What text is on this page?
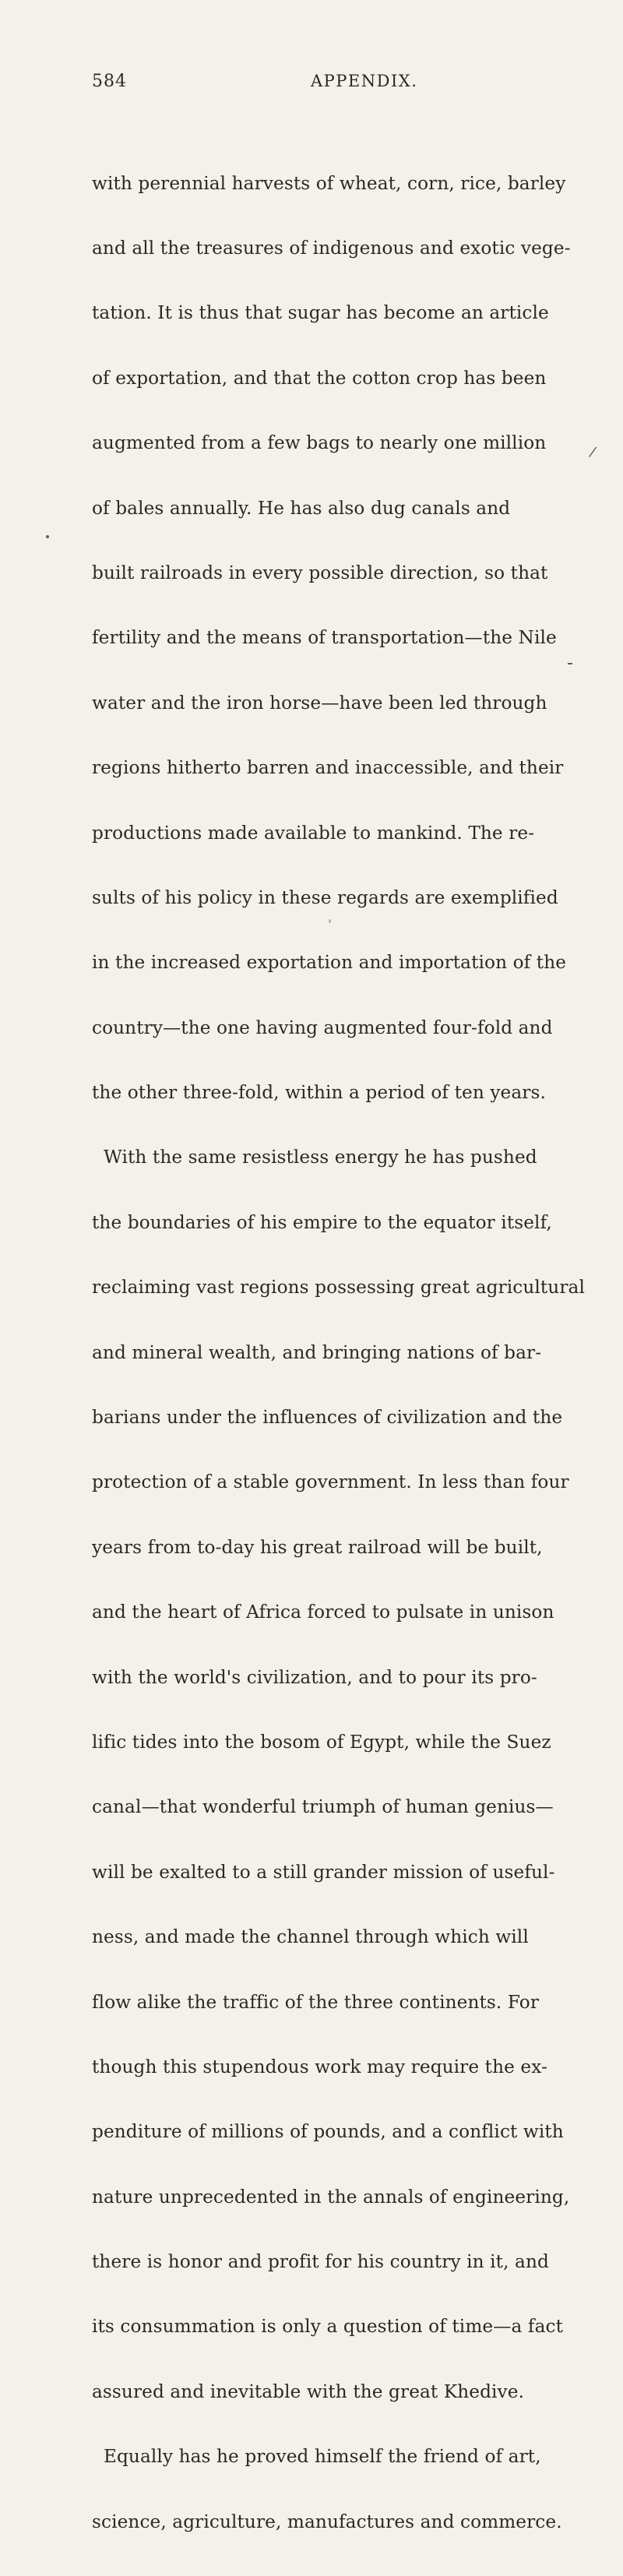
584	APPENDIX.

with perennial harvests of wheat, corn, rice, barley

and all the treasures of indigenous and exotic vege-

tation. It is thus that sugar has become an article

of exportation, and that the cotton crop has been

augmented from a few bags to nearly one million

of bales annually. He has also dug canals and

built railroads in every possible direction, so that

fertility and the means of transportation—the Nile

water and the iron horse—have been led through

regions hitherto barren and inaccessible, and their

productions made available to mankind. The re-

sults of his policy in these regards are exemplified

in the increased exportation and importation of the

country—the one having augmented four-fold and

the other three-fold, within a period of ten years.

With the same resistless energy he has pushed

the boundaries of his empire to the equator itself,

reclaiming vast regions possessing great agricultural

and mineral wealth, and bringing nations of bar-

barians under the influences of civilization and the

protection of a stable government. In less than four

years from to-day his great railroad will be built,

and the heart of Africa forced to pulsate in unison

with the world's civilization, and to pour its pro-

lific tides into the bosom of Egypt, while the Suez

canal—that wonderful triumph of human genius—

will be exalted to a still grander mission of useful-

ness, and made the channel through which will

flow alike the traffic of the three continents. For

though this stupendous work may require the ex-

penditure of millions of pounds, and a conflict with

nature unprecedented in the annals of engineering,

there is honor and profit for his country in it, and

its consummation is only a question of time—a fact

assured and inevitable with the great Khedive.

Equally has he proved himself the friend of art,

science, agriculture, manufactures and commerce.

/
